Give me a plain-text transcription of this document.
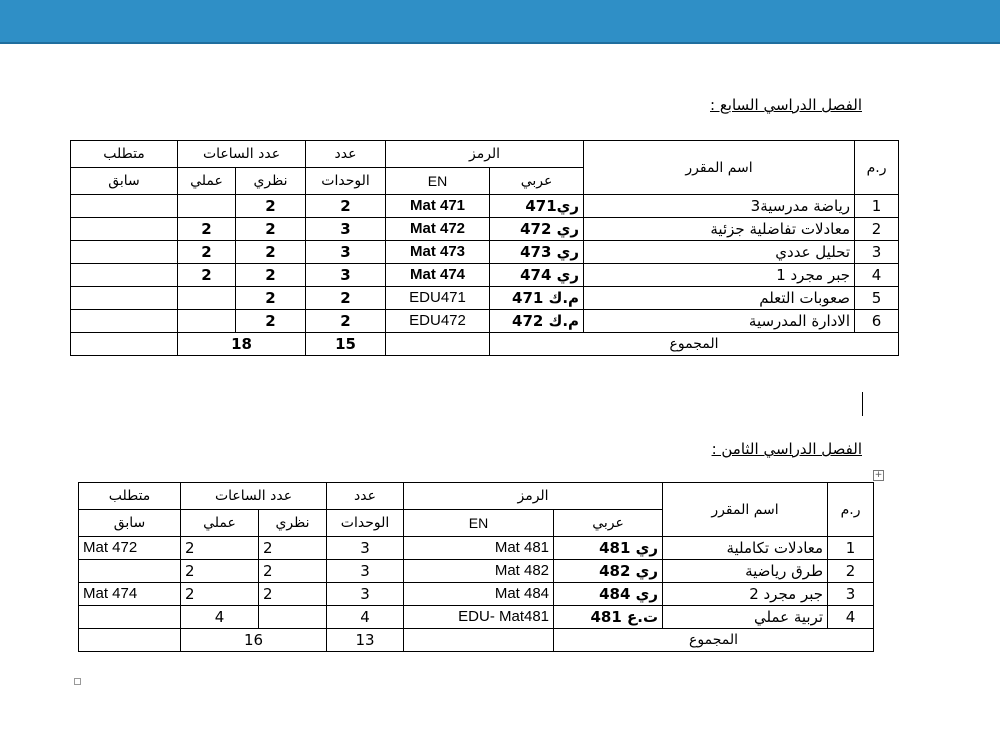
الفصل الدراسي السابع :
ر.م	اسم المقرر	الرمز		عدد	عدد الساعات		متطلب
		عربي	EN	الوحدات	نظري	عملي	سابق
1	رياضة مدرسية3	ري471	Mat 471	2	2		
2	معادلات تفاضلية جزئية	ري 472	Mat 472	3	2	2	
3	تحليل عددي	ري 473	Mat 473	3	2	2	
4	جبر مجرد 1	ري 474	Mat 474	3	2	2	
5	صعوبات التعلم	م.ك 471	EDU471	2	2		
6	الادارة المدرسية	م.ك 472	EDU472	2	2		
المجموع				15	18		
الفصل الدراسي الثامن :
+
ر.م	اسم المقرر	الرمز		عدد	عدد الساعات		متطلب
		عربي	EN	الوحدات	نظري	عملي	سابق
1	معادلات تكاملية	ري 481	Mat 481	3	2	2	Mat 472
2	طرق رياضية	ري 482	Mat 482	3	2	2	
3	جبر مجرد 2	ري 484	Mat 484	3	2	2	Mat 474
4	تربية عملي	ت.ع 481	EDU- Mat481	4		4	
المجموع				13	16		
